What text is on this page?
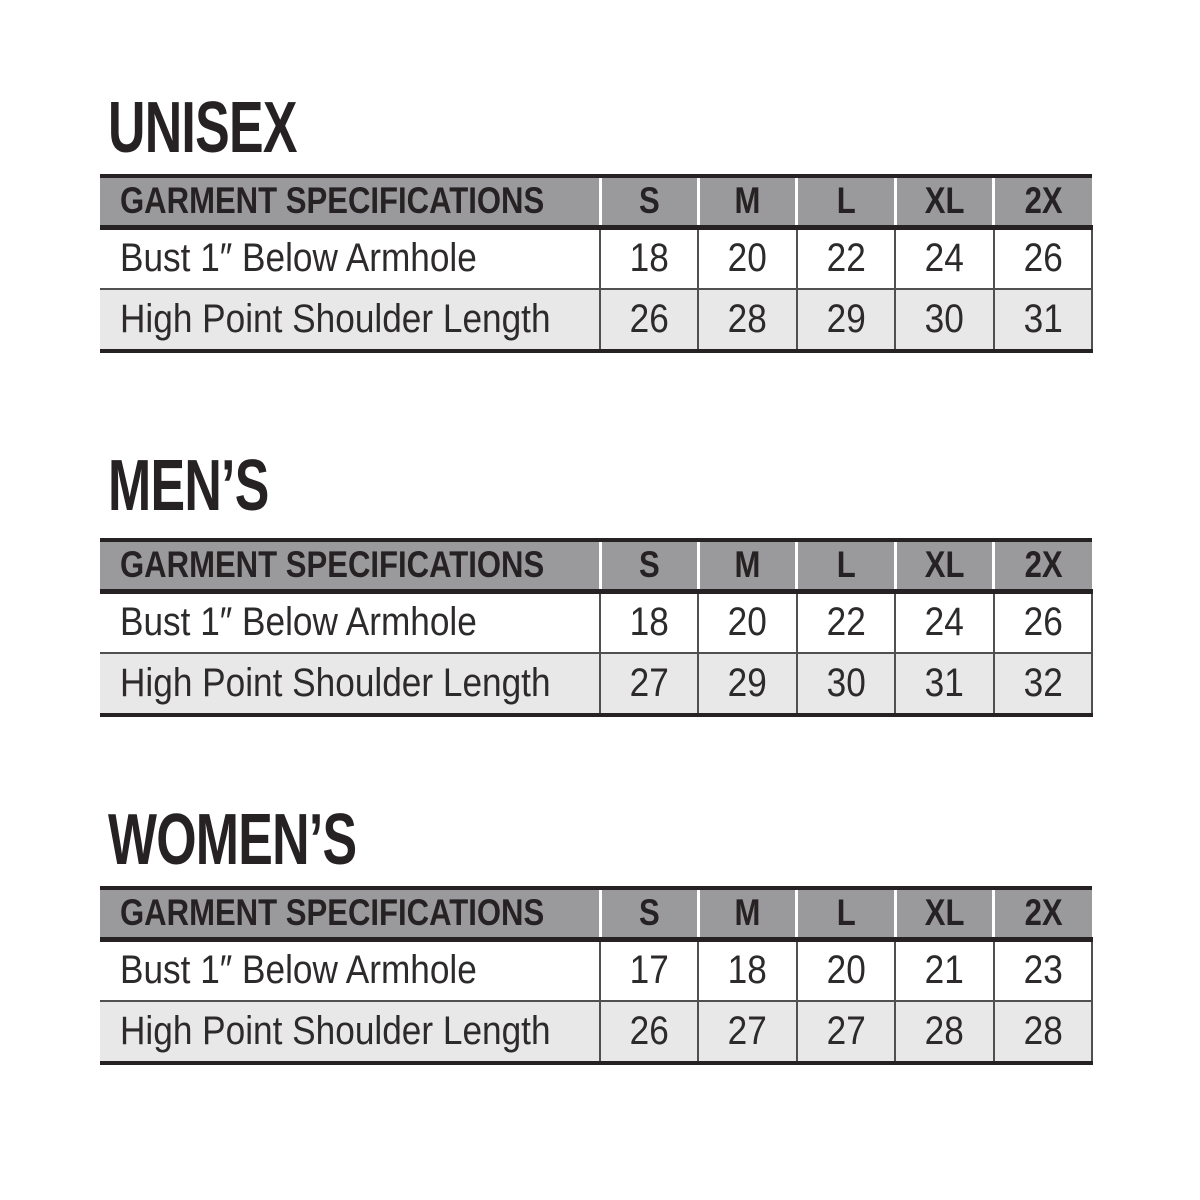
UNISEX
GARMENT SPECIFICATIONS	S	M	L	XL	2X
Bust 1″ Below Armhole	18	20	22	24	26
High Point Shoulder Length	26	28	29	30	31
MEN’S
GARMENT SPECIFICATIONS	S	M	L	XL	2X
Bust 1″ Below Armhole	18	20	22	24	26
High Point Shoulder Length	27	29	30	31	32
WOMEN’S
GARMENT SPECIFICATIONS	S	M	L	XL	2X
Bust 1″ Below Armhole	17	18	20	21	23
High Point Shoulder Length	26	27	27	28	28
